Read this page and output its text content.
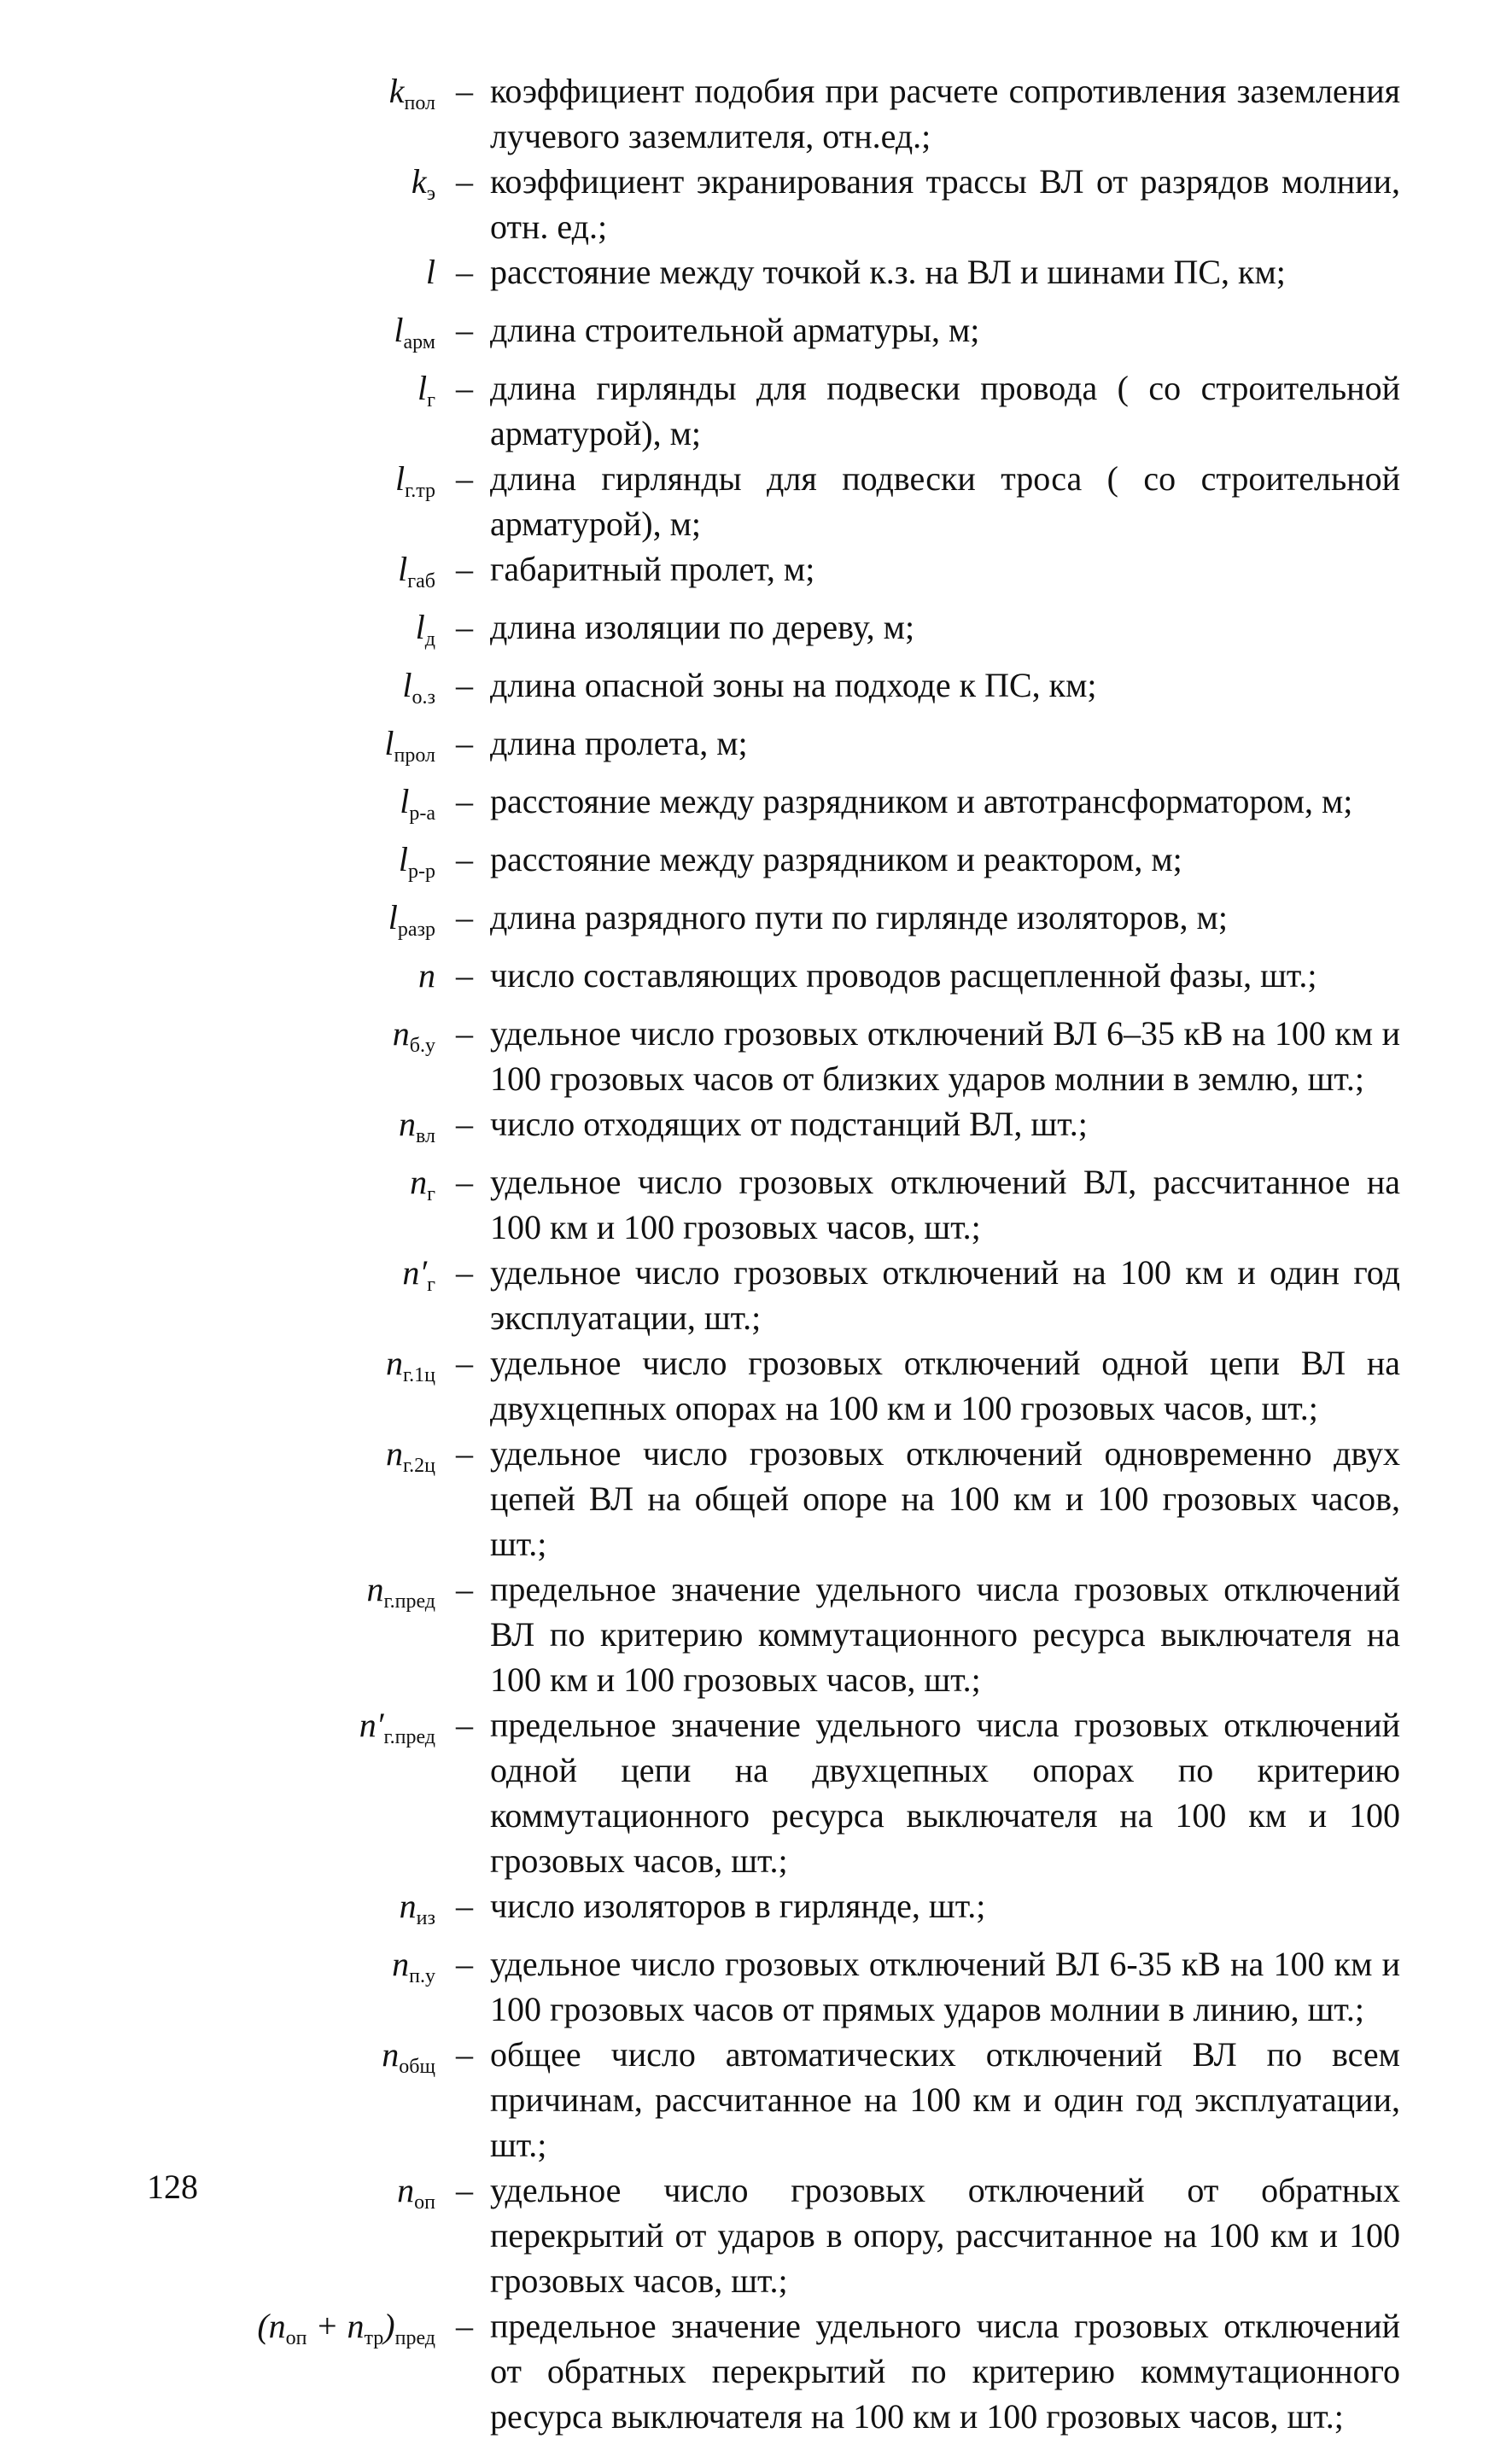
$k_{пол}$ – коэффициент подобия при расчете сопротивления заземления лучевого заземлителя, отн.ед.;
$k_э$ – коэффициент экранирования трассы ВЛ от разрядов молнии, отн. ед.;
l – расстояние между точкой к.з. на ВЛ и шинами ПС, км;
$l_{арм}$ – длина строительной арматуры, м;
$l_г$ – длина гирлянды для подвески провода ( со строительной арматурой), м;
$l_{г.тр}$ – длина гирлянды для подвески троса ( со строительной арматурой), м;
$l_{габ}$ – габаритный пролет, м;
$l_д$ – длина изоляции по дереву, м;
$l_{о.з}$ – длина опасной зоны на подходе к ПС, км;
$l_{прол}$ – длина пролета, м;
$l_{р-а}$ – расстояние между разрядником и автотрансформатором, м;
$l_{р-р}$ – расстояние между разрядником и реактором, м;
$l_{разр}$ – длина разрядного пути по гирлянде изоляторов, м;
n – число составляющих проводов расщепленной фазы, шт.;
$n_{б.у}$ – удельное число грозовых отключений ВЛ 6–35 кВ на 100 км и 100 грозовых часов от близких ударов молнии в землю, шт.;
$n_{вл}$ – число отходящих от подстанций ВЛ, шт.;
$n_г$ – удельное число грозовых отключений ВЛ, рассчитанное на 100 км и 100 грозовых часов, шт.;
$n'_г$ – удельное число грозовых отключений на 100 км и один год эксплуатации, шт.;
$n_{г.1ц}$ – удельное число грозовых отключений одной цепи ВЛ на двухцепных опорах на 100 км и 100 грозовых часов, шт.;
$n_{г.2ц}$ – удельное число грозовых отключений одновременно двух цепей ВЛ на общей опоре на 100 км и 100 грозовых часов, шт.;
$n_{г.пред}$ – предельное значение удельного числа грозовых отключений ВЛ по критерию коммутационного ресурса выключателя на 100 км и 100 грозовых часов, шт.;
$n'_{г.пред}$ – предельное значение удельного числа грозовых отключений одной цепи на двухцепных опорах по критерию коммутационного ресурса выключателя на 100 км и 100 грозовых часов, шт.;
$n_{из}$ – число изоляторов в гирлянде, шт.;
$n_{п.у}$ – удельное число грозовых отключений ВЛ 6-35 кВ на 100 км и 100 грозовых часов от прямых ударов молнии в линию, шт.;
$n_{общ}$ – общее число автоматических отключений ВЛ по всем причинам, рассчитанное на 100 км и один год эксплуатации, шт.;
$n_{оп}$ – удельное число грозовых отключений от обратных перекрытий от ударов в опору, рассчитанное на 100 км и 100 грозовых часов, шт.;
$(n_{оп} + n_{тр})_{пред}$ – предельное значение удельного числа грозовых отключений от обратных перекрытий по критерию коммутационного ресурса выключателя на 100 км и 100 грозовых часов, шт.;
128
